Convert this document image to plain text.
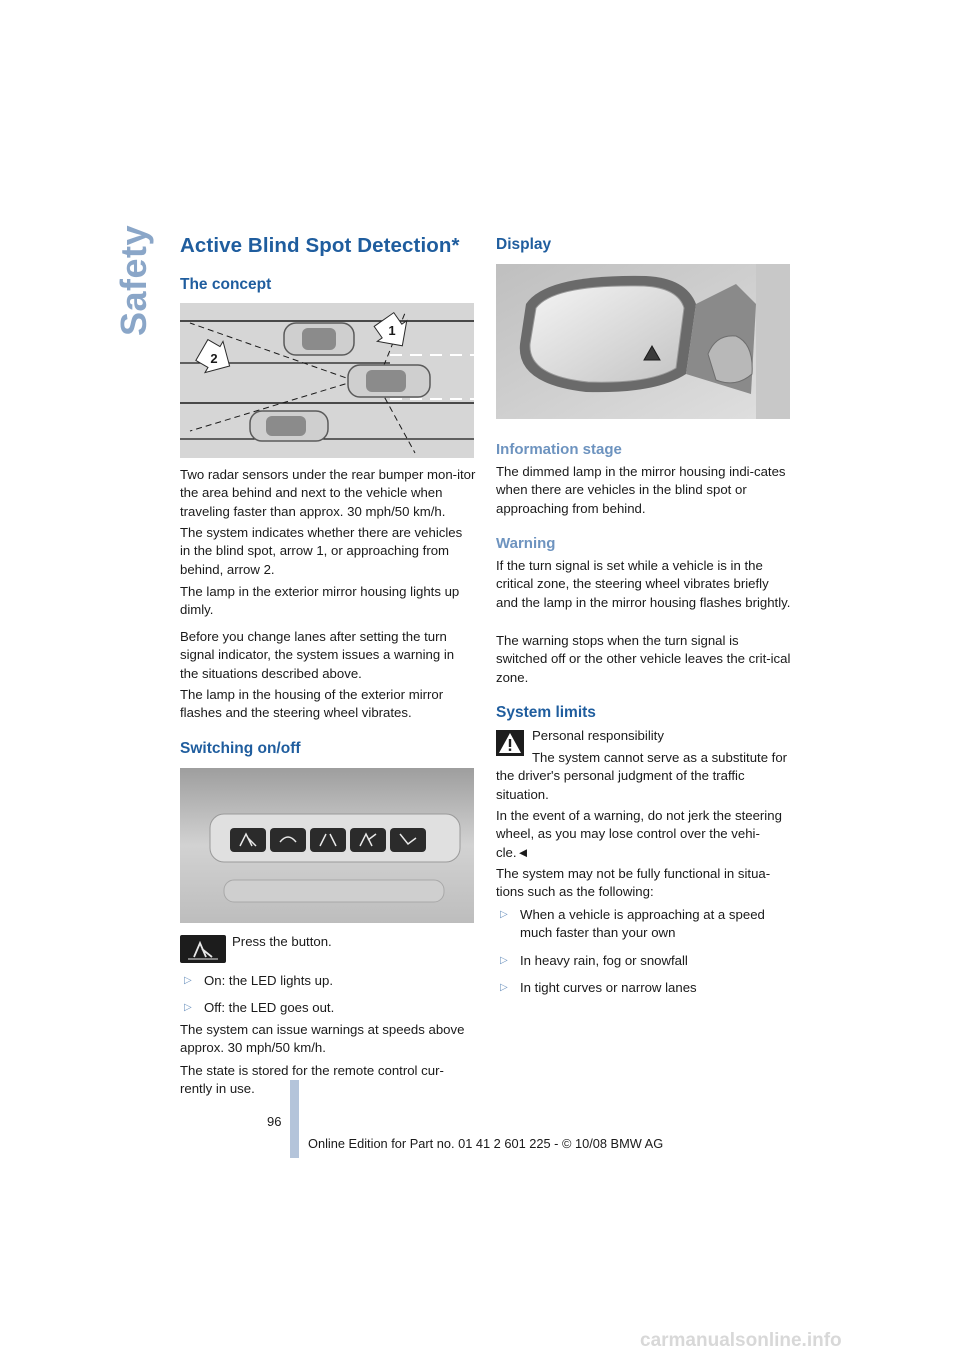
Safety Active Blind Spot Detection*
The concept
1
2

Two radar sensors under the rear bumper mon-itor the area behind and next to the vehicle when traveling faster than approx. 30 mph/50 km/h.

The system indicates whether there are vehicles in the blind spot, arrow 1, or approaching from behind, arrow 2.

The lamp in the exterior mirror housing lights up dimly.

Before you change lanes after setting the turn signal indicator, the system issues a warning in the situations described above.

The lamp in the housing of the exterior mirror flashes and the steering wheel vibrates.

Switching on/off

Press the button.

▷ On: the LED lights up.
▷ Off: the LED goes out.

The system can issue warnings at speeds above approx. 30 mph/50 km/h.

The state is stored for the remote control cur-rently in use.

Display
Information stage

The dimmed lamp in the mirror housing indi-cates when there are vehicles in the blind spot or approaching from behind.

Warning

If the turn signal is set while a vehicle is in the critical zone, the steering wheel vibrates briefly and the lamp in the mirror housing flashes brightly.

The warning stops when the turn signal is switched off or the other vehicle leaves the crit-ical zone.

System limits

Personal responsibility

The system cannot serve as a substitute for the driver's personal judgment of the traffic situation.

In the event of a warning, do not jerk the steering wheel, as you may lose control over the vehi-cle.◄

The system may not be fully functional in situa-tions such as the following:

▷ When a vehicle is approaching at a speed much faster than your own
▷ In heavy rain, fog or snowfall
▷ In tight curves or narrow lanes
96
Online Edition for Part no. 01 41 2 601 225 - © 10/08 BMW AG
carmanualsonline.info
